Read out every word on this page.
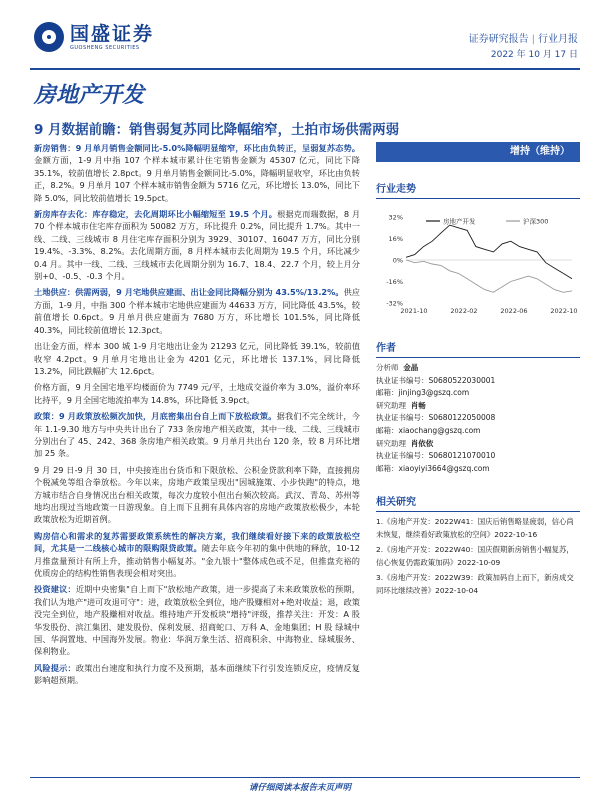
国盛证券
GUOSHENG SECURITIES
证券研究报告 | 行业月报
2022 年 10 月 17 日
房地产开发
9 月数据前瞻：销售弱复苏同比降幅缩窄，土拍市场供需两弱

新房销售：9 月单月销售金额同比-5.0%降幅明显缩窄，环比由负转正，呈弱复苏态势。金额方面，1-9 月中指 107 个样本城市累计住宅销售金额为 45307 亿元，同比下降 35.1%，较前值增长 2.8pct。9 月单月销售金额同比-5.0%，降幅明显收窄，环比由负转正，8.2%。9 月单月 107 个样本城市销售金额为 5716 亿元，环比增长 13.0%，同比下降 5.0%，同比较前值增长 19.5pct。

新房库存去化：库存稳定，去化周期环比小幅缩短至 19.5 个月。根据克而瑞数据，8 月 70 个样本城市住宅库存面积为 50082 万方，环比提升 0.2%，同比提升 1.7%。其中一线、二线、三线城市 8 月住宅库存面积分别为 3929、30107、16047 万方，同比分别 19.4%、-3.3%、8.2%。去化周期方面，8 月样本城市去化周期为 19.5 个月，环比减少 0.4 月。其中一线、二线、三线城市去化周期分别为 16.7、18.4、22.7 个月，较上月分别+0、-0.5、-0.3 个月。

土地供应：供需两弱，9 月宅地供应建面、出让金同比降幅分别为 43.5%/13.2%。供应方面，1-9 月，中指 300 个样本城市宅地供应建面为 44633 万方，同比降低 43.5%，较前值增长 0.6pct。9 月单月供应建面为 7680 万方，环比增长 101.5%，同比降低 40.3%，同比较前值增长 12.3pct。

出让金方面，样本 300 城 1-9 月宅地出让金为 21293 亿元，同比降低 39.1%，较前值收窄 4.2pct。9 月单月宅地出让金为 4201 亿元，环比增长 137.1%，同比降低 13.2%，同比跌幅扩大 12.6pct。

价格方面，9 月全国宅地平均楼面价为 7749 元/平，土地成交溢价率为 3.0%，溢价率环比持平，9 月全国宅地流拍率为 14.8%，环比降低 3.9pct。

政策：9 月政策放松频次加快，月底密集出台自上而下放松政策。据我们不完全统计，今年 1.1-9.30 地方与中央共计出台了 733 条房地产相关政策，其中一线、二线、三线城市分别出台了 45、242、368 条房地产相关政策。9 月单月共出台 120 条，较 8 月环比增加 25 条。

9 月 29 日-9 月 30 日，中央接连出台货币和下限放松、公积金贷款利率下降，直接拥房个税减免等组合拳放松。今年以来，房地产政策呈现出"因城施策、小步快跑"的特点，地方城市结合自身情况出台相关政策，每次力度较小但出台频次较高。武汉、青岛、苏州等地均出现过当地政策一日游现象。自上而下且拥有具体内容的房地产政策放松极少，本轮政策放松为近期首例。

购房信心和需求的复苏需要政策系统性的解决方案，我们继续看好接下来的政策放松空间，尤其是一二线核心城市的限购限贷政策。随去年底今年初的集中供地的释放，10-12 月推盘量预计有所上升，推动销售小幅复苏。"金九银十"整体成色或不足，但推盘充裕的优质房企的结构性销售表现会相对突出。

投资建议：近期中央密集"自上而下"放松地产政策，进一步提高了未来政策放松的预期，我们认为地产"进可攻退可守"：进，政策放松全到位，地产股赚相对+绝对收益；退，政策没完全到位，地产股赚相对收益。维持地产开发板块"增持"评级，推荐关注：开发：A 股 华发股份、滨江集团、建发股份、保利发展、招商蛇口、万科 A、金地集团；H 股 绿城中国、华润置地、中国海外发展。物业：华润万象生活、招商积余、中海物业、绿城服务、保利物业。

风险提示：政策出台速度和执行力度不及预期，基本面继续下行引发连锁反应，疫情反复影响超预期。

增持（维持）
行业走势
32%
16%
0%
-16%
-32%
2021-10	2022-02	2022-06	2022-10
房地产开发	沪深300
作者
分析师 金晶
执业证书编号：S0680522030001
邮箱：jinjing3@gszq.com
研究助理 肖畅
执业证书编号：S0680122050008
邮箱：xiaochang@gszq.com
研究助理 肖依依
执业证书编号：S0680121070010
邮箱：xiaoyiyi3664@gszq.com
相关研究
1.《房地产开发：2022W41：国庆后销售略显疲弱，信心尚未恢复，继续看好政策放松的空间》2022-10-16
2.《房地产开发：2022W40：国庆假期新房销售小幅复苏，信心恢复仍需政策加码》2022-10-09
3.《房地产开发：2022W39：政策加码自上而下，新房成交同环比继续改善》2022-10-04
请仔细阅读本报告末页声明
